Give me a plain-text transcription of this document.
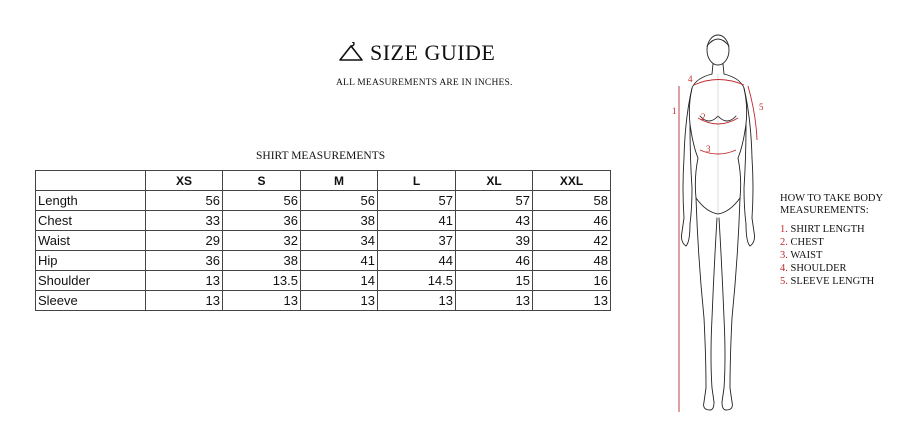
SIZE GUIDE
ALL MEASUREMENTS ARE IN INCHES.
SHIRT MEASUREMENTS
	XS	S	M	L	XL	XXL
Length	56	56	56	57	57	58
Chest	33	36	38	41	43	46
Waist	29	32	34	37	39	42
Hip	36	38	41	44	46	48
Shoulder	13	13.5	14	14.5	15	16
Sleeve	13	13	13	13	13	13
1
2
3
4
5
HOW TO TAKE BODY
MEASUREMENTS:
1. SHIRT LENGTH
2. CHEST
3. WAIST
4. SHOULDER
5. SLEEVE LENGTH
